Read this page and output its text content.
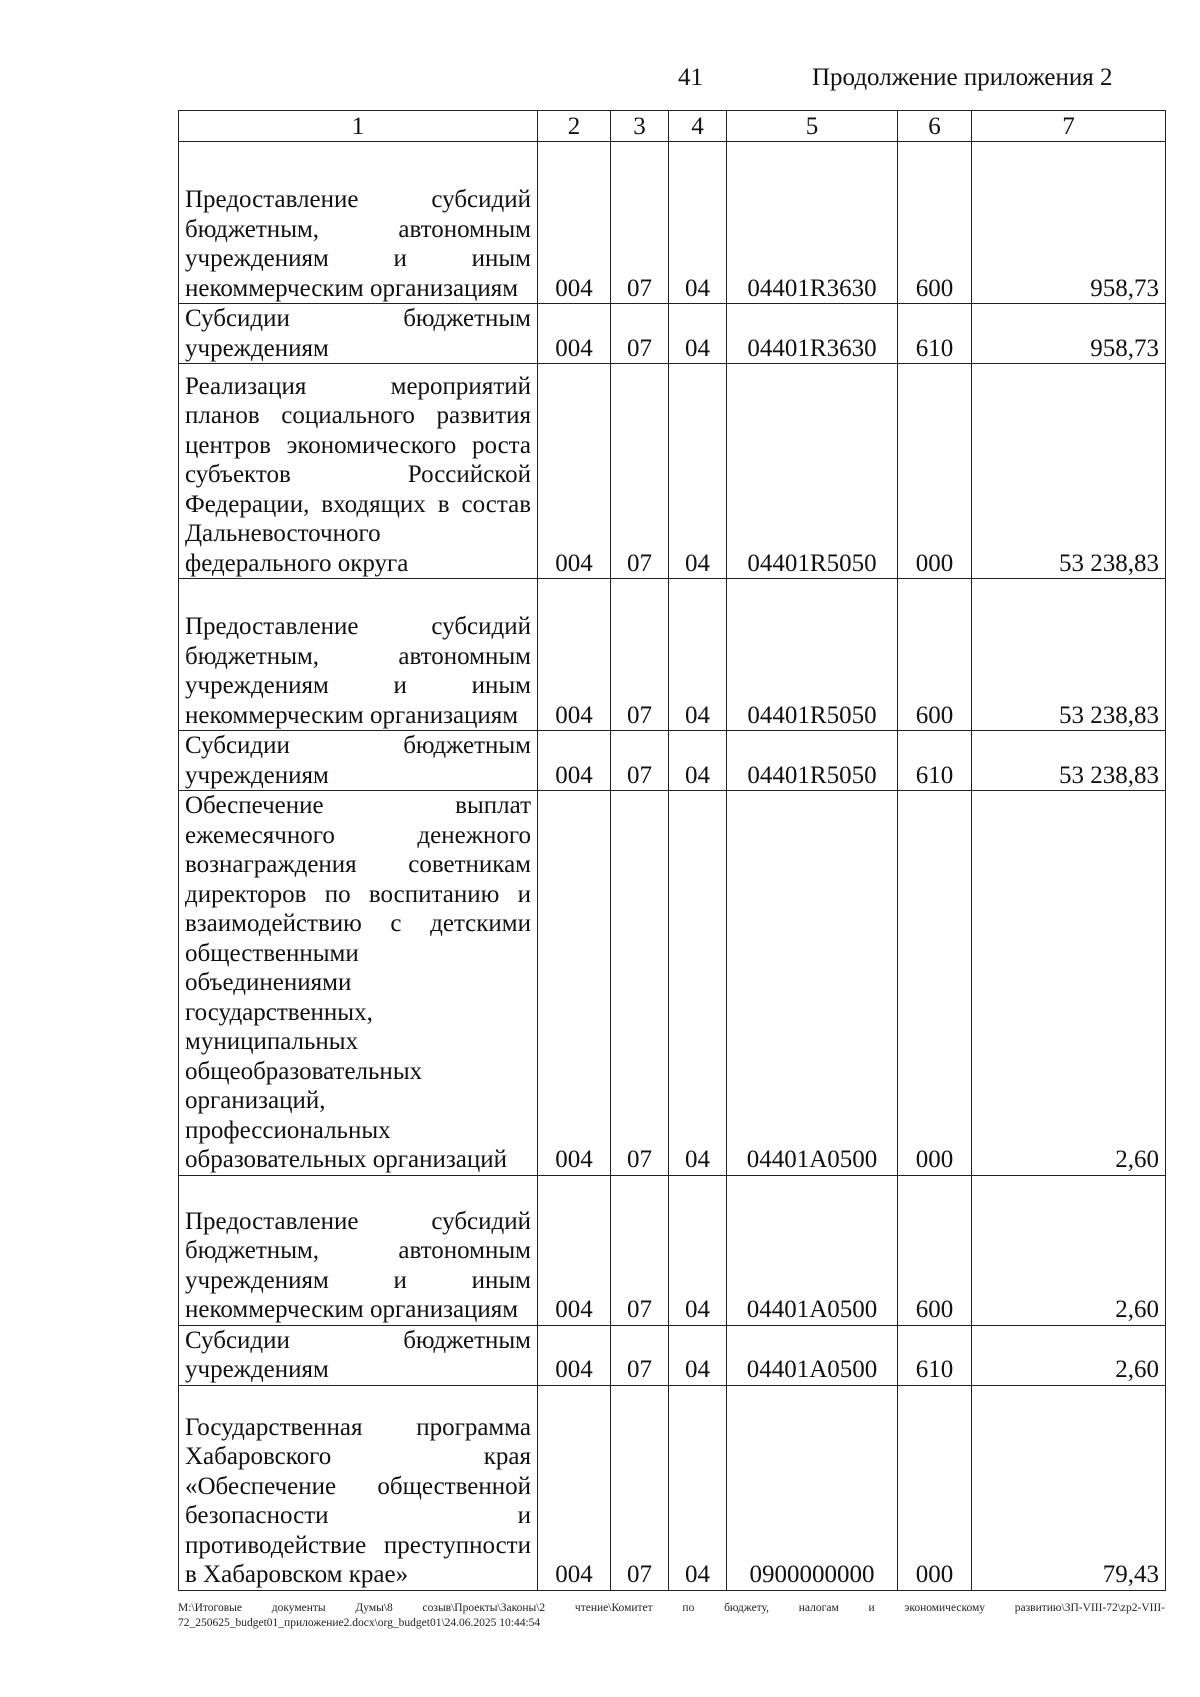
41	Продолжение приложения 2
1	2	3	4	5	6	7
Предоставление субсидий бюджетным, автономным учреждениям и иным некоммерческим организациям	004	07	04	04401R3630	600	958,73
Субсидии бюджетным учреждениям	004	07	04	04401R3630	610	958,73
Реализация мероприятий планов социального развития центров экономического роста субъектов Российской Федерации, входящих в состав Дальневосточного федерального округа	004	07	04	04401R5050	000	53 238,83
Предоставление субсидий бюджетным, автономным учреждениям и иным некоммерческим организациям	004	07	04	04401R5050	600	53 238,83
Субсидии бюджетным учреждениям	004	07	04	04401R5050	610	53 238,83
Обеспечение выплат ежемесячного денежного вознаграждения советникам директоров по воспитанию и взаимодействию с детскими общественными объединениями государственных, муниципальных общеобразовательных организаций, профессиональных образовательных организаций	004	07	04	04401A0500	000	2,60
Предоставление субсидий бюджетным, автономным учреждениям и иным некоммерческим организациям	004	07	04	04401A0500	600	2,60
Субсидии бюджетным учреждениям	004	07	04	04401A0500	610	2,60
Государственная программа Хабаровского края «Обеспечение общественной безопасности и противодействие преступности в Хабаровском крае»	004	07	04	0900000000	000	79,43
M:\Итоговые документы Думы\8 созыв\Проекты\Законы\2 чтение\Комитет по бюджету, налогам и экономическому развитию\ЗП-VIII-72\zp2-VIII-72_250625_budget01_приложение2.docx\org_budget01\24.06.2025 10:44:54
